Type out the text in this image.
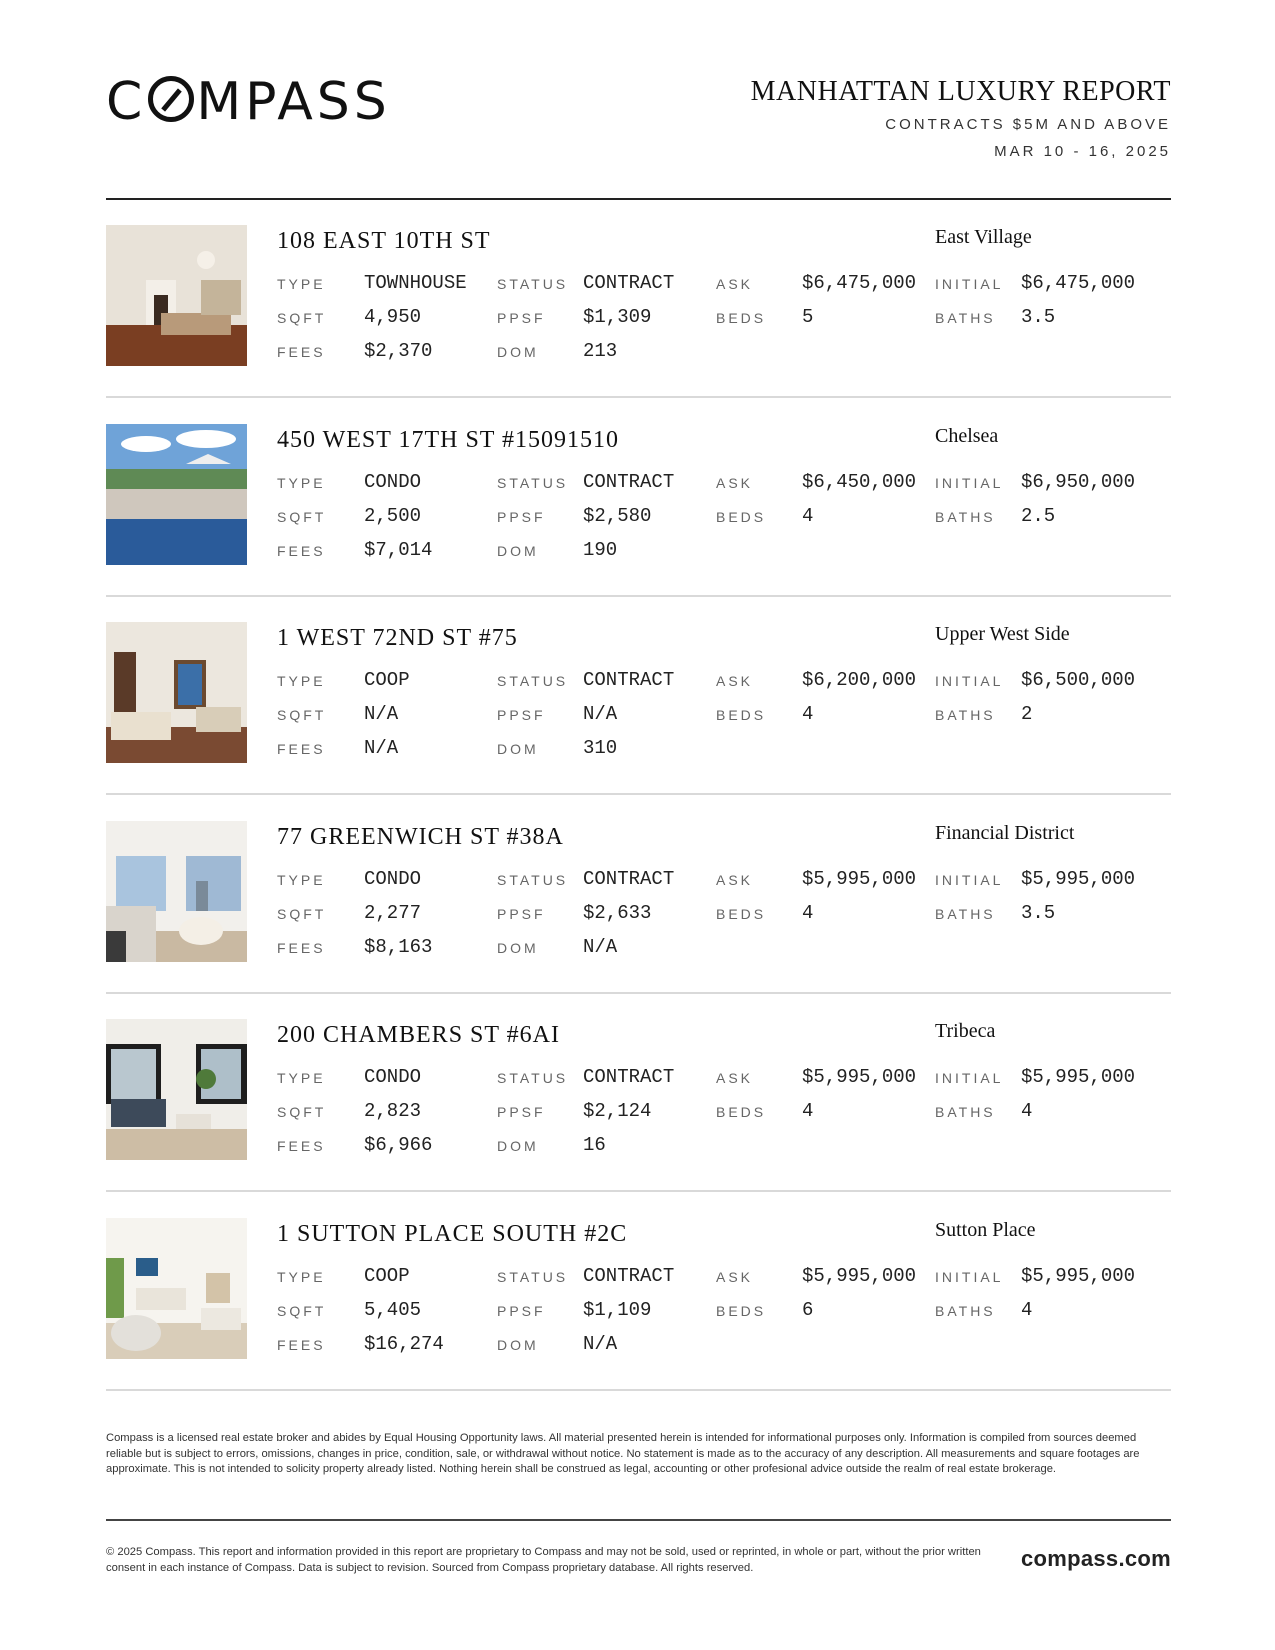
C MPASS	MANHATTAN LUXURY REPORT
CONTRACTS $5M AND ABOVE
MAR 10 - 16, 2025
108 EAST 10TH ST	East Village
TYPE TOWNHOUSE STATUS CONTRACT	ASK	$6,475,000 INITIAL $6,475,000
SQFT 4,950	PPSF $1,309	BEDS 5	BATHS 3.5
FEES $2,370	DOM 213
450 WEST 17TH ST #15091510	Chelsea
TYPE CONDO	STATUS CONTRACT	ASK	$6,450,000 INITIAL $6,950,000
SQFT 2,500	PPSF $2,580	BEDS 4	BATHS 2.5
FEES $7,014	DOM 190
1 WEST 72ND ST #75	Upper West Side
TYPE COOP	STATUS CONTRACT	ASK	$6,200,000 INITIAL $6,500,000
SQFT N/A	PPSF N/A	BEDS 4	BATHS 2
FEES N/A	DOM 310
77 GREENWICH ST #38A	Financial District
TYPE CONDO	STATUS CONTRACT	ASK	$5,995,000 INITIAL $5,995,000
SQFT 2,277	PPSF $2,633	BEDS 4	BATHS 3.5
FEES $8,163	DOM N/A
200 CHAMBERS ST #6AI	Tribeca
TYPE CONDO	STATUS CONTRACT	ASK	$5,995,000 INITIAL $5,995,000
SQFT 2,823	PPSF $2,124	BEDS 4	BATHS 4
FEES $6,966	DOM 16
1 SUTTON PLACE SOUTH #2C	Sutton Place
TYPE COOP	STATUS CONTRACT	ASK	$5,995,000 INITIAL $5,995,000
SQFT 5,405	PPSF $1,109	BEDS 6	BATHS 4
FEES $16,274	DOM N/A
Compass is a licensed real estate broker and abides by Equal Housing Opportunity laws. All material presented herein is intended for informational purposes only. Information is compiled from sources deemed reliable but is subject to errors, omissions, changes in price, condition, sale, or withdrawal without notice. No statement is made as to the accuracy of any description. All measurements and square footages are approximate. This is not intended to solicity property already listed. Nothing herein shall be construed as legal, accounting or other profesional advice outside the realm of real estate brokerage.
© 2025 Compass. This report and information provided in this report are proprietary to Compass and may not be sold, used or reprinted, in whole or part, without the prior written consent in each instance of Compass. Data is subject to revision. Sourced from Compass proprietary database. All rights reserved.	compass.com
